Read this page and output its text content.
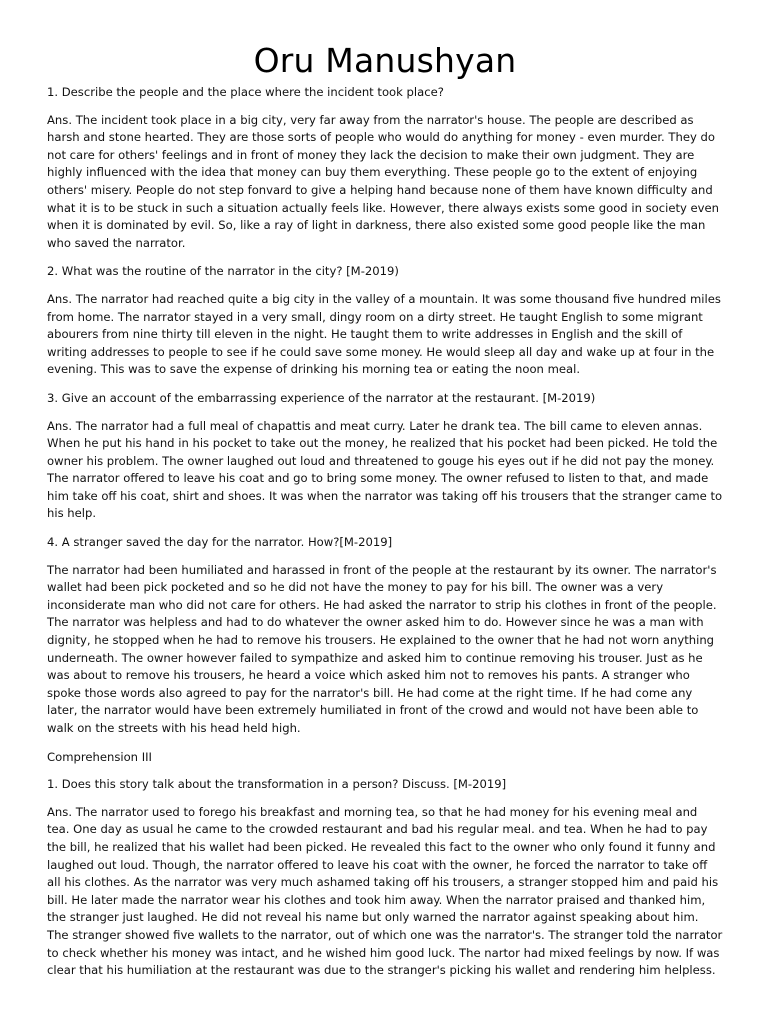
Oru Manushyan

1. Describe the people and the place where the incident took place?

Ans. The incident took place in a big city, very far away from the narrator's house. The people are described as harsh and stone hearted. They are those sorts of people who would do anything for money - even murder. They do not care for others' feelings and in front of money they lack the decision to make their own judgment. They are highly influenced with the idea that money can buy them everything. These people go to the extent of enjoying others' misery. People do not step fonvard to give a helping hand because none of them have known difficulty and what it is to be stuck in such a situation actually feels like. However, there always exists some good in society even when it is dominated by evil. So, like a ray of light in darkness, there also existed some good people like the man who saved the narrator.

2. What was the routine of the narrator in the city? [M-2019)

Ans. The narrator had reached quite a big city in the valley of a mountain. It was some thousand five hundred miles from home. The narrator stayed in a very small, dingy room on a dirty street. He taught English to some migrant abourers from nine thirty till eleven in the night. He taught them to write addresses in English and the skill of writing addresses to people to see if he could save some money. He would sleep all day and wake up at four in the evening. This was to save the expense of drinking his morning tea or eating the noon meal.

3. Give an account of the embarrassing experience of the narrator at the restaurant. [M-2019)

Ans. The narrator had a full meal of chapattis and meat curry. Later he drank tea. The bill came to eleven annas. When he put his hand in his pocket to take out the money, he realized that his pocket had been picked. He told the owner his problem. The owner laughed out loud and threatened to gouge his eyes out if he did not pay the money. The narrator offered to leave his coat and go to bring some money. The owner refused to listen to that, and made him take off his coat, shirt and shoes. It was when the narrator was taking off his trousers that the stranger came to his help.

4. A stranger saved the day for the narrator. How?[M-2019]

The narrator had been humiliated and harassed in front of the people at the restaurant by its owner. The narrator's wallet had been pick pocketed and so he did not have the money to pay for his bill. The owner was a very inconsiderate man who did not care for others. He had asked the narrator to strip his clothes in front of the people. The narrator was helpless and had to do whatever the owner asked him to do. However since he was a man with dignity, he stopped when he had to remove his trousers. He explained to the owner that he had not worn anything underneath. The owner however failed to sympathize and asked him to continue removing his trouser. Just as he was about to remove his trousers, he heard a voice which asked him not to removes his pants. A stranger who spoke those words also agreed to pay for the narrator's bill. He had come at the right time. If he had come any later, the narrator would have been extremely humiliated in front of the crowd and would not have been able to walk on the streets with his head held high.

Comprehension III

1. Does this story talk about the transformation in a person? Discuss. [M-2019]

Ans. The narrator used to forego his breakfast and morning tea, so that he had money for his evening meal and tea. One day as usual he came to the crowded restaurant and bad his regular meal. and tea. When he had to pay the bill, he realized that his wallet had been picked. He revealed this fact to the owner who only found it funny and laughed out loud. Though, the narrator offered to leave his coat with the owner, he forced the narrator to take off all his clothes. As the narrator was very much ashamed taking off his trousers, a stranger stopped him and paid his bill. He later made the narrator wear his clothes and took him away. When the narrator praised and thanked him, the stranger just laughed. He did not reveal his name but only warned the narrator against speaking about him. The stranger showed five wallets to the narrator, out of which one was the narrator's. The stranger told the narrator to check whether his money was intact, and he wished him good luck. The nartor had mixed feelings by now. If was clear that his humiliation at the restaurant was due to the stranger's picking his wallet and rendering him helpless.
